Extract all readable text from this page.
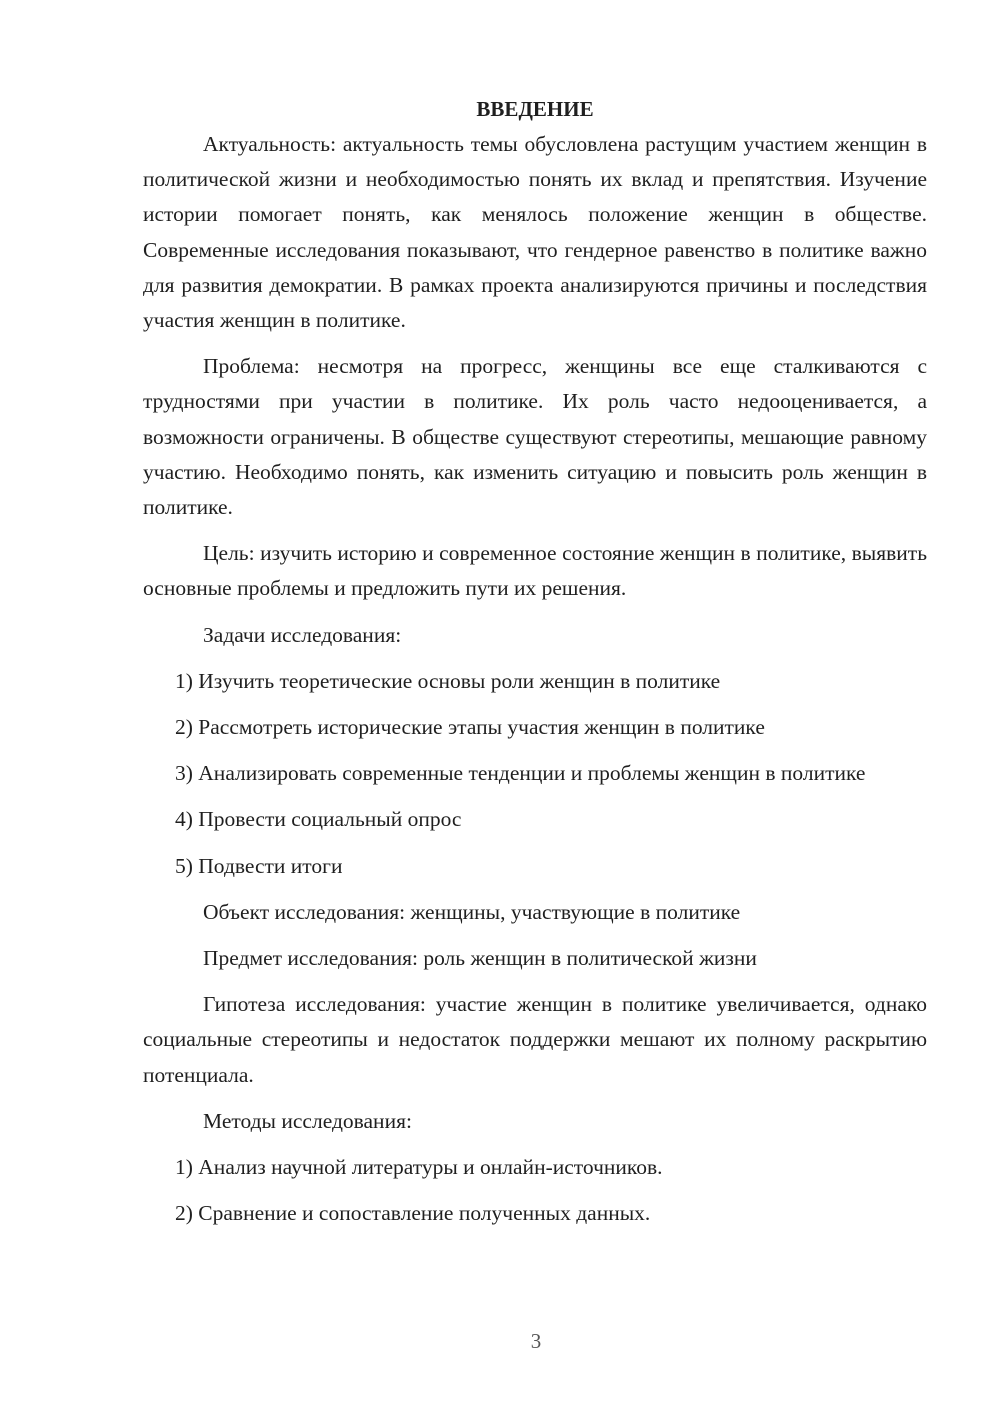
ВВЕДЕНИЕ

Актуальность: актуальность темы обусловлена растущим участием женщин в политической жизни и необходимостью понять их вклад и препятствия. Изучение истории помогает понять, как менялось положение женщин в обществе. Современные исследования показывают, что гендерное равенство в политике важно для развития демократии. В рамках проекта анализируются причины и последствия участия женщин в политике.

Проблема: несмотря на прогресс, женщины все еще сталкиваются с трудностями при участии в политике. Их роль часто недооценивается, а возможности ограничены. В обществе существуют стереотипы, мешающие равному участию. Необходимо понять, как изменить ситуацию и повысить роль женщин в политике.

Цель: изучить историю и современное состояние женщин в политике, выявить основные проблемы и предложить пути их решения.

Задачи исследования:

1) Изучить теоретические основы роли женщин в политике

2) Рассмотреть исторические этапы участия женщин в политике

3) Анализировать современные тенденции и проблемы женщин в политике

4) Провести социальный опрос

5) Подвести итоги

Объект исследования: женщины, участвующие в политике

Предмет исследования: роль женщин в политической жизни

Гипотеза исследования: участие женщин в политике увеличивается, однако социальные стереотипы и недостаток поддержки мешают их полному раскрытию потенциала.

Методы исследования:

1) Анализ научной литературы и онлайн-источников.

2) Сравнение и сопоставление полученных данных.

3
